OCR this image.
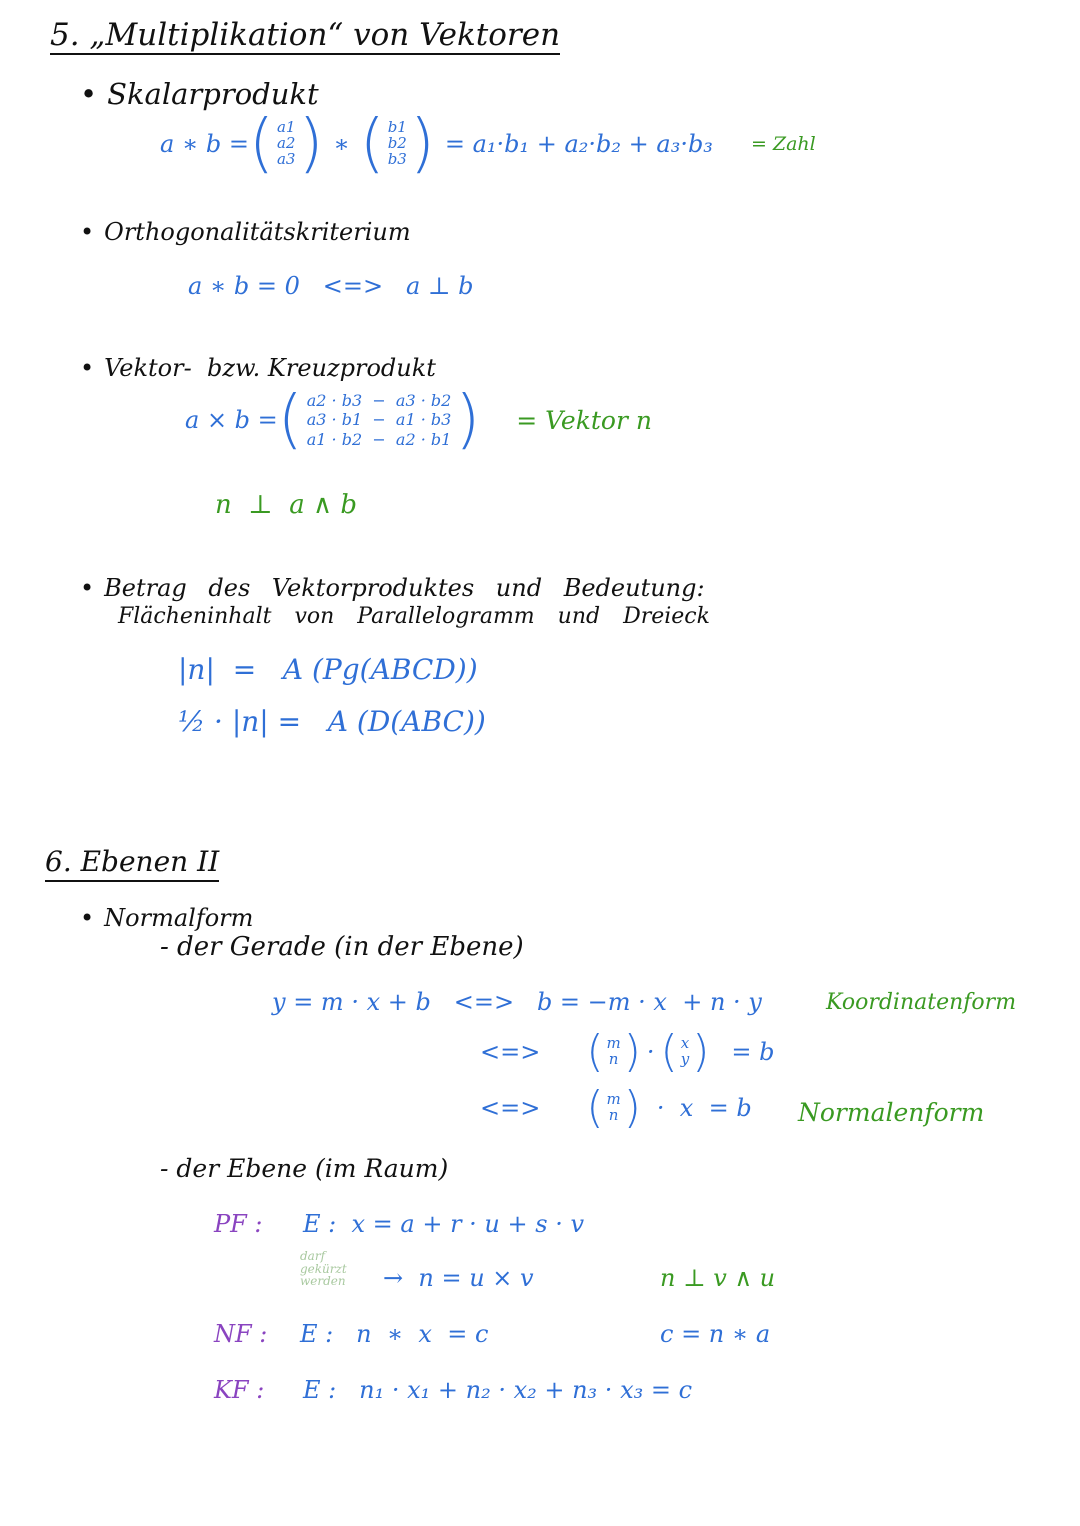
5. „Multiplikation“ von Vektoren
• Skalarprodukt
a ∗ b = ( a1
a2
a3 ) ∗ ( b1
b2
b3 ) = a₁·b₁ + a₂·b₂ + a₃·b₃ = Zahl
• Orthogonalitätskriterium
a ∗ b = 0   <=>   a ⊥ b
• Vektor-  bzw. Kreuzprodukt
a × b = ( a2 · b3  −  a3 · b2
a3 · b1  −  a1 · b3
a1 · b2  −  a2 · b1 ) = Vektor n
n  ⊥  a ∧ b
• Betrag des Vektorproduktes und Bedeutung:
Flächeninhalt von Parallelogramm und Dreieck
|n|  =   A (Pg(ABCD))
½ · |n| =   A (D(ABC))
6. Ebenen II
• Normalform
- der Gerade (in der Ebene)
y = m · x + b   <=>   b = −m · x  + n · y	Koordinatenform
<=> ( m
n ) · ( x
y ) = b
<=> ( m
n ) ·  x  = b Normalenform
- der Ebene (im Raum)
PF : E :  x = a + r · u + s · v
darf gekürzt werden	→  n = u × v	n ⊥ v ∧ u
NF : E :   n  ∗  x  = c	c = n ∗ a
KF : E :   n₁ · x₁ + n₂ · x₂ + n₃ · x₃ = c
